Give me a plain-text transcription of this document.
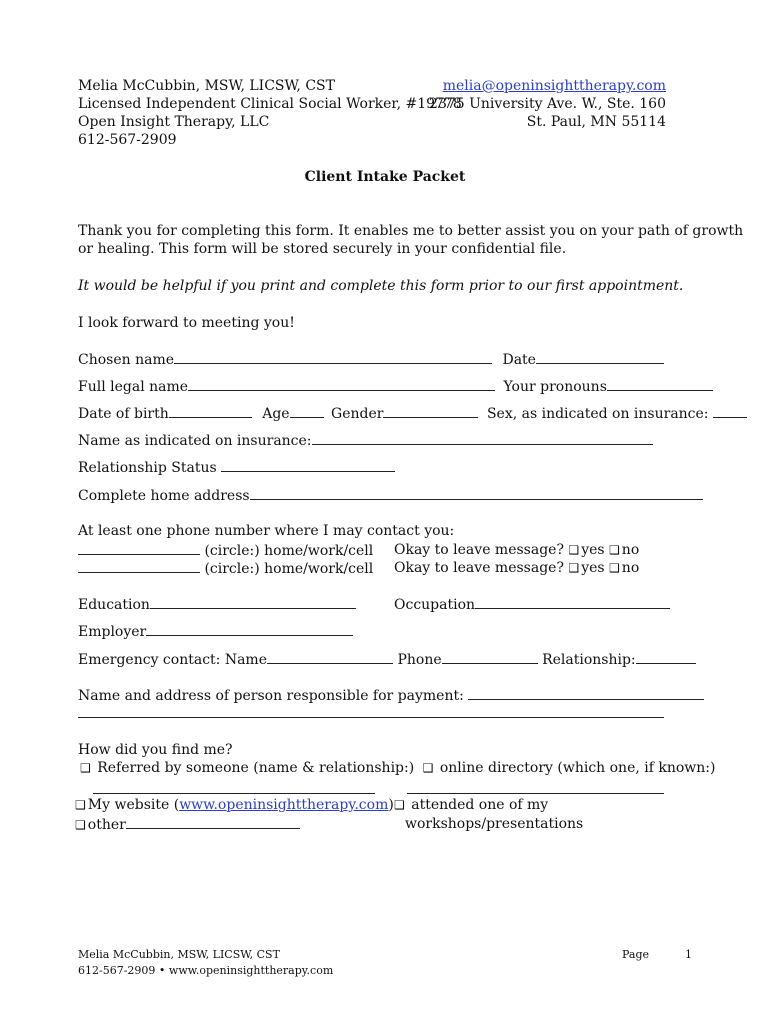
Melia McCubbin, MSW, LICSW, CST
Licensed Independent Clinical Social Worker, #19778
Open Insight Therapy, LLC
612-567-2909
melia@openinsighttherapy.com
2375 University Ave. W., Ste. 160
St. Paul, MN 55114
Client Intake Packet
Thank you for completing this form. It enables me to better assist you on your path of growth
or healing. This form will be stored securely in your confidential file.
It would be helpful if you print and complete this form prior to our first appointment.
I look forward to meeting you!
Chosen name	Date
Full legal name	Your pronouns
Date of birth	Age	Gender	Sex, as indicated on insurance:
Name as indicated on insurance:
Relationship Status
Complete home address
At least one phone number where I may contact you:
(circle:) home/work/cell Okay to leave message? ❑ yes ❑ no
(circle:) home/work/cell Okay to leave message? ❑ yes ❑ no
Education	Occupation
Employer
Emergency contact: Name	Phone	Relationship:
Name and address of person responsible for payment:
How did you find me?
❑ Referred by someone (name & relationship:) ❑ online directory (which one, if known:)
❑ My website (www.openinsighttherapy.com) ❑ attended one of my
workshops/presentations
❑ other
Melia McCubbin, MSW, LICSW, CST
612-567-2909 • www.openinsighttherapy.com
Page	1
